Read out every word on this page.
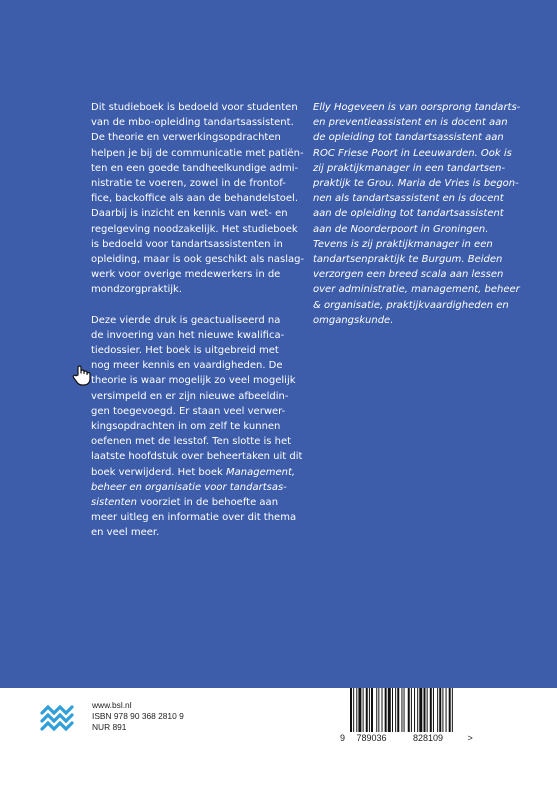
Dit studieboek is bedoeld voor studenten
van de mbo-opleiding tandartsassistent.
De theorie en verwerkingsopdrachten
helpen je bij de communicatie met patiën-
ten en een goede tandheelkundige admi-
nistratie te voeren, zowel in de frontof-
fice, backoffice als aan de behandelstoel.
Daarbij is inzicht en kennis van wet- en
regelgeving noodzakelijk. Het studieboek
is bedoeld voor tandartsassistenten in
opleiding, maar is ook geschikt als naslag-
werk voor overige medewerkers in de
mondzorgpraktijk.

Deze vierde druk is geactualiseerd na
de invoering van het nieuwe kwalifica-
tiedossier. Het boek is uitgebreid met
nog meer kennis en vaardigheden. De
theorie is waar mogelijk zo veel mogelijk
versimpeld en er zijn nieuwe afbeeldin-
gen toegevoegd. Er staan veel verwer-
kingsopdrachten in om zelf te kunnen
oefenen met de lesstof. Ten slotte is het
laatste hoofdstuk over beheertaken uit dit
boek verwijderd. Het boek Management,
beheer en organisatie voor tandartsas-
sistenten voorziet in de behoefte aan
meer uitleg en informatie over dit thema
en veel meer.

Elly Hogeveen is van oorsprong tandarts-
en preventieassistent en is docent aan
de opleiding tot tandartsassistent aan
ROC Friese Poort in Leeuwarden. Ook is
zij praktijkmanager in een tandartsen-
praktijk te Grou. Maria de Vries is begon-
nen als tandartsassistent en is docent
aan de opleiding tot tandartsassistent
aan de Noorderpoort in Groningen.
Tevens is zij praktijkmanager in een
tandartsenpraktijk te Burgum. Beiden
verzorgen een breed scala aan lessen
over administratie, management, beheer
& organisatie, praktijkvaardigheden en
omgangskunde.

www.bsl.nl
ISBN 978 90 368 2810 9
NUR 891
9 789036	828109	>
